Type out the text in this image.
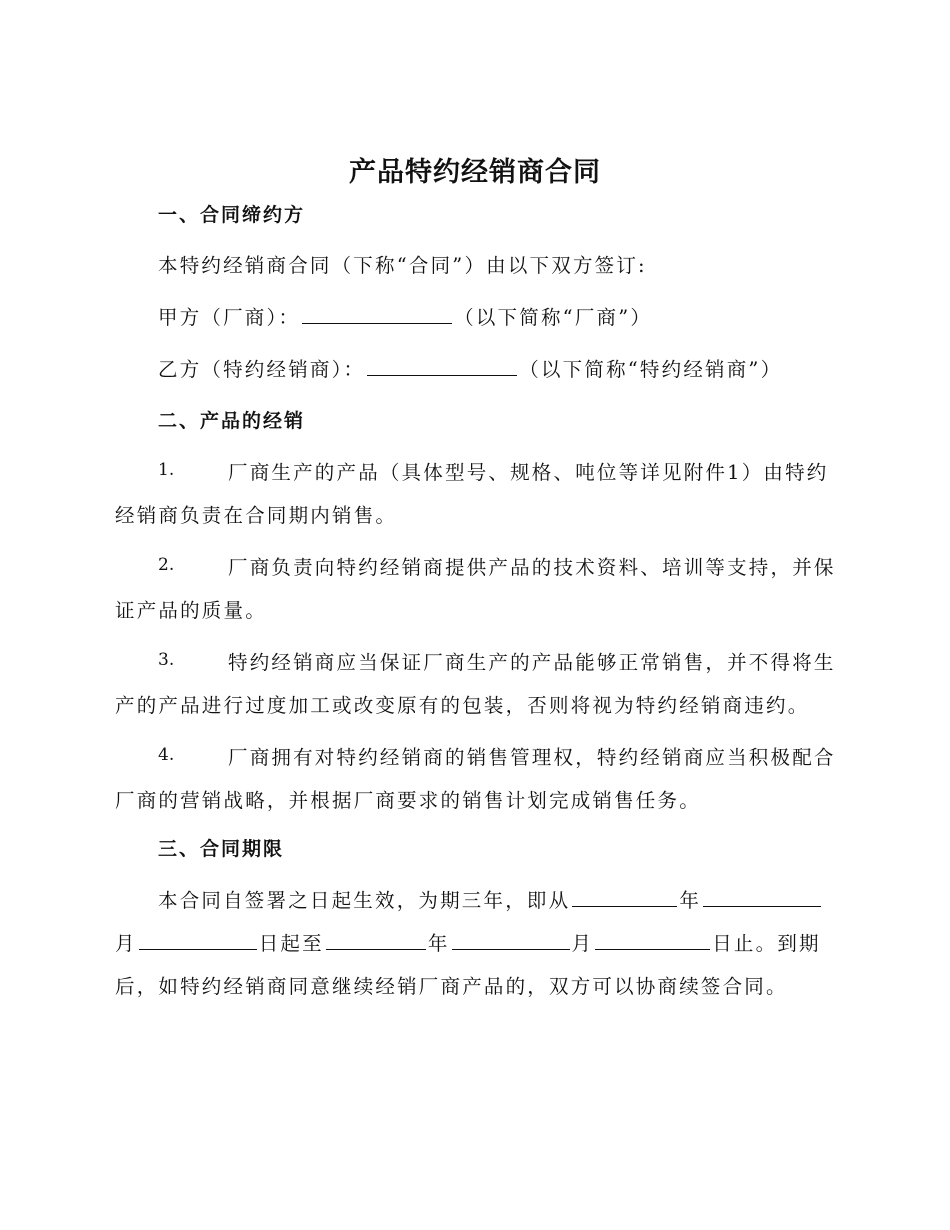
产品特约经销商合同
一、合同缔约方
本特约经销商合同（下称“合同”）由以下双方签订:
甲方（厂商）：	（以下简称“厂商”）
乙方（特约经销商）：	（以下简称“特约经销商”）
二、产品的经销
1.	厂商生产的产品（具体型号、规格、吨位等详见附件1）由特约
经销商负责在合同期内销售。
2.	厂商负责向特约经销商提供产品的技术资料、培训等支持，并保
证产品的质量。
3.	特约经销商应当保证厂商生产的产品能够正常销售，并不得将生
产的产品进行过度加工或改变原有的包装，否则将视为特约经销商违约。
4.	厂商拥有对特约经销商的销售管理权，特约经销商应当积极配合
厂商的营销战略，并根据厂商要求的销售计划完成销售任务。
三、合同期限
本合同自签署之日起生效，为期三年，即从	年
月	日起至	年	月	日止。到期
后，如特约经销商同意继续经销厂商产品的，双方可以协商续签合同。
